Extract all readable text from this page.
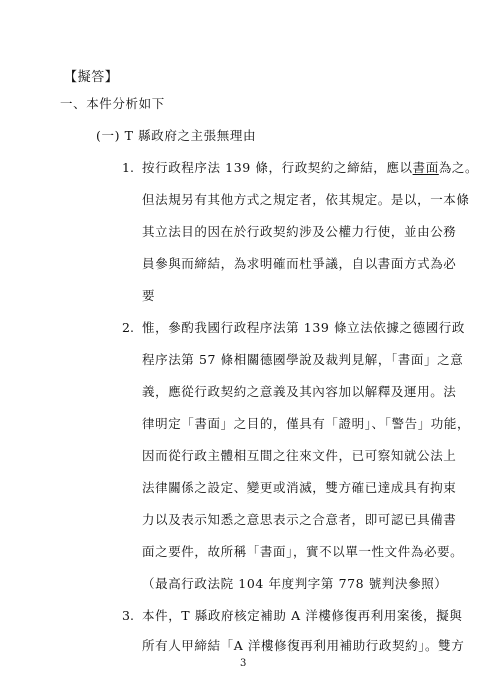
【擬答】
一、本件分析如下
(一) T 縣政府之主張無理由
1. 按行政程序法 139 條，行政契約之締結，應以書面為之。
但法規另有其他方式之規定者，依其規定。是以，一本條
其立法目的因在於行政契約涉及公權力行使，並由公務
員參與而締結，為求明確而杜爭議，自以書面方式為必
要
2. 惟，參酌我國行政程序法第 139 條立法依據之德國行政
程序法第 57 條相關德國學說及裁判見解，「書面」之意
義，應從行政契約之意義及其內容加以解釋及運用。法
律明定「書面」之目的，僅具有「證明」、「警告」功能，
因而從行政主體相互間之往來文件，已可察知就公法上
法律關係之設定、變更或消滅，雙方確已達成具有拘束
力以及表示知悉之意思表示之合意者，即可認已具備書
面之要件，故所稱「書面」，實不以單一性文件為必要。
（最高行政法院 104 年度判字第 778 號判決參照）
3. 本件，T 縣政府核定補助 A 洋樓修復再利用案後，擬與
所有人甲締結「A 洋樓修復再利用補助行政契約」。雙方
3
